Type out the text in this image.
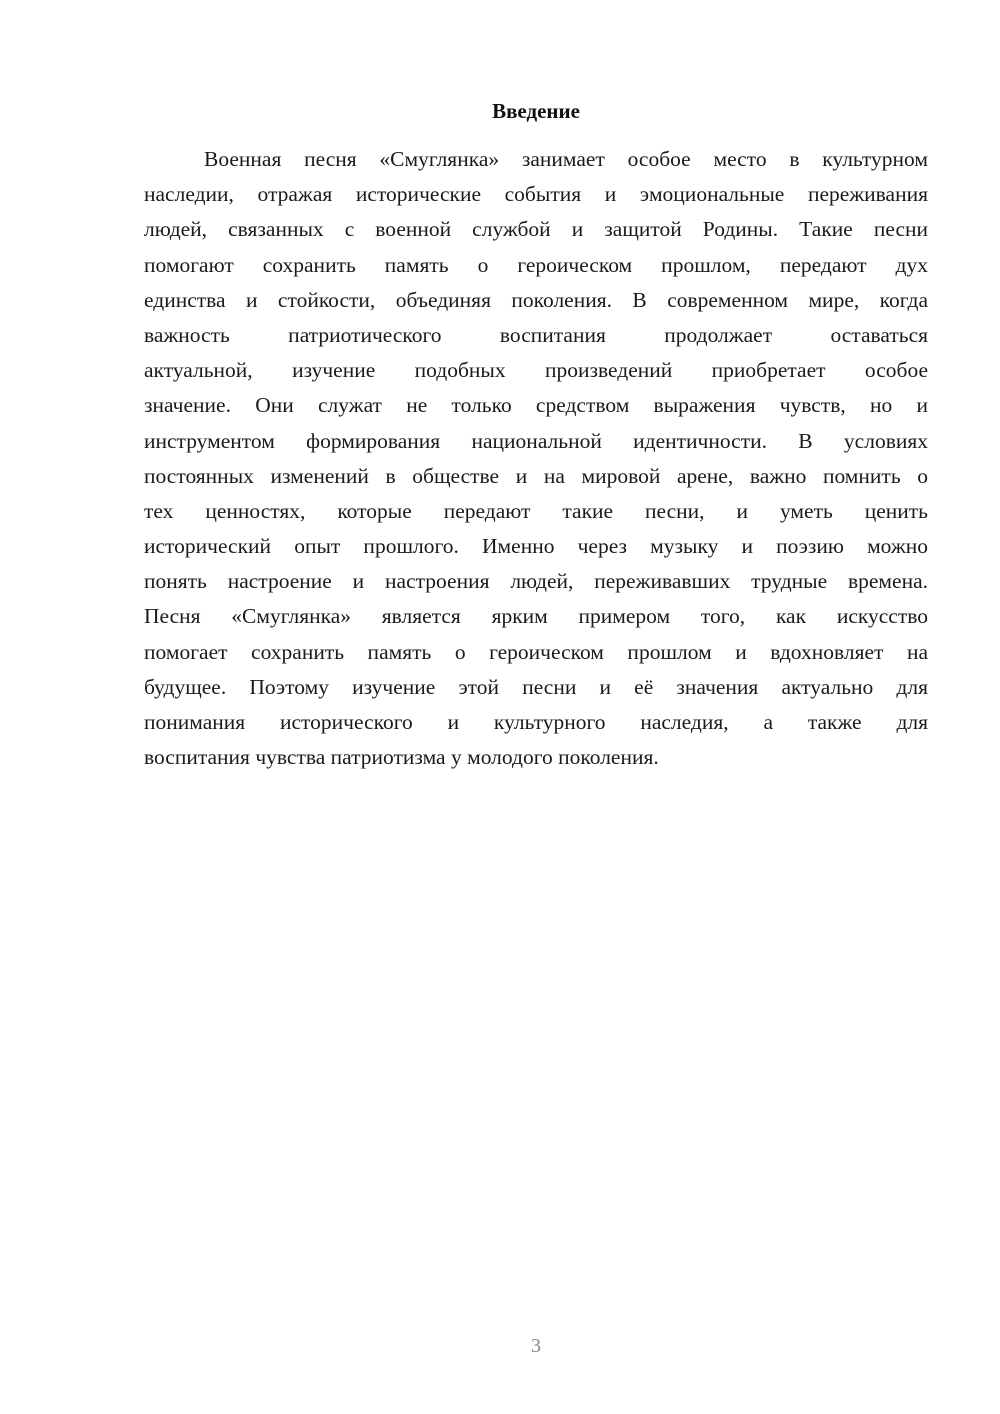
Введение
Военная песня «Смуглянка» занимает особое место в культурном
наследии, отражая исторические события и эмоциональные переживания
людей, связанных с военной службой и защитой Родины. Такие песни
помогают сохранить память о героическом прошлом, передают дух
единства и стойкости, объединяя поколения. В современном мире, когда
важность патриотического воспитания продолжает оставаться
актуальной, изучение подобных произведений приобретает особое
значение. Они служат не только средством выражения чувств, но и
инструментом формирования национальной идентичности. В условиях
постоянных изменений в обществе и на мировой арене, важно помнить о
тех ценностях, которые передают такие песни, и уметь ценить
исторический опыт прошлого. Именно через музыку и поэзию можно
понять настроение и настроения людей, переживавших трудные времена.
Песня «Смуглянка» является ярким примером того, как искусство
помогает сохранить память о героическом прошлом и вдохновляет на
будущее. Поэтому изучение этой песни и её значения актуально для
понимания исторического и культурного наследия, а также для
воспитания чувства патриотизма у молодого поколения.
3
